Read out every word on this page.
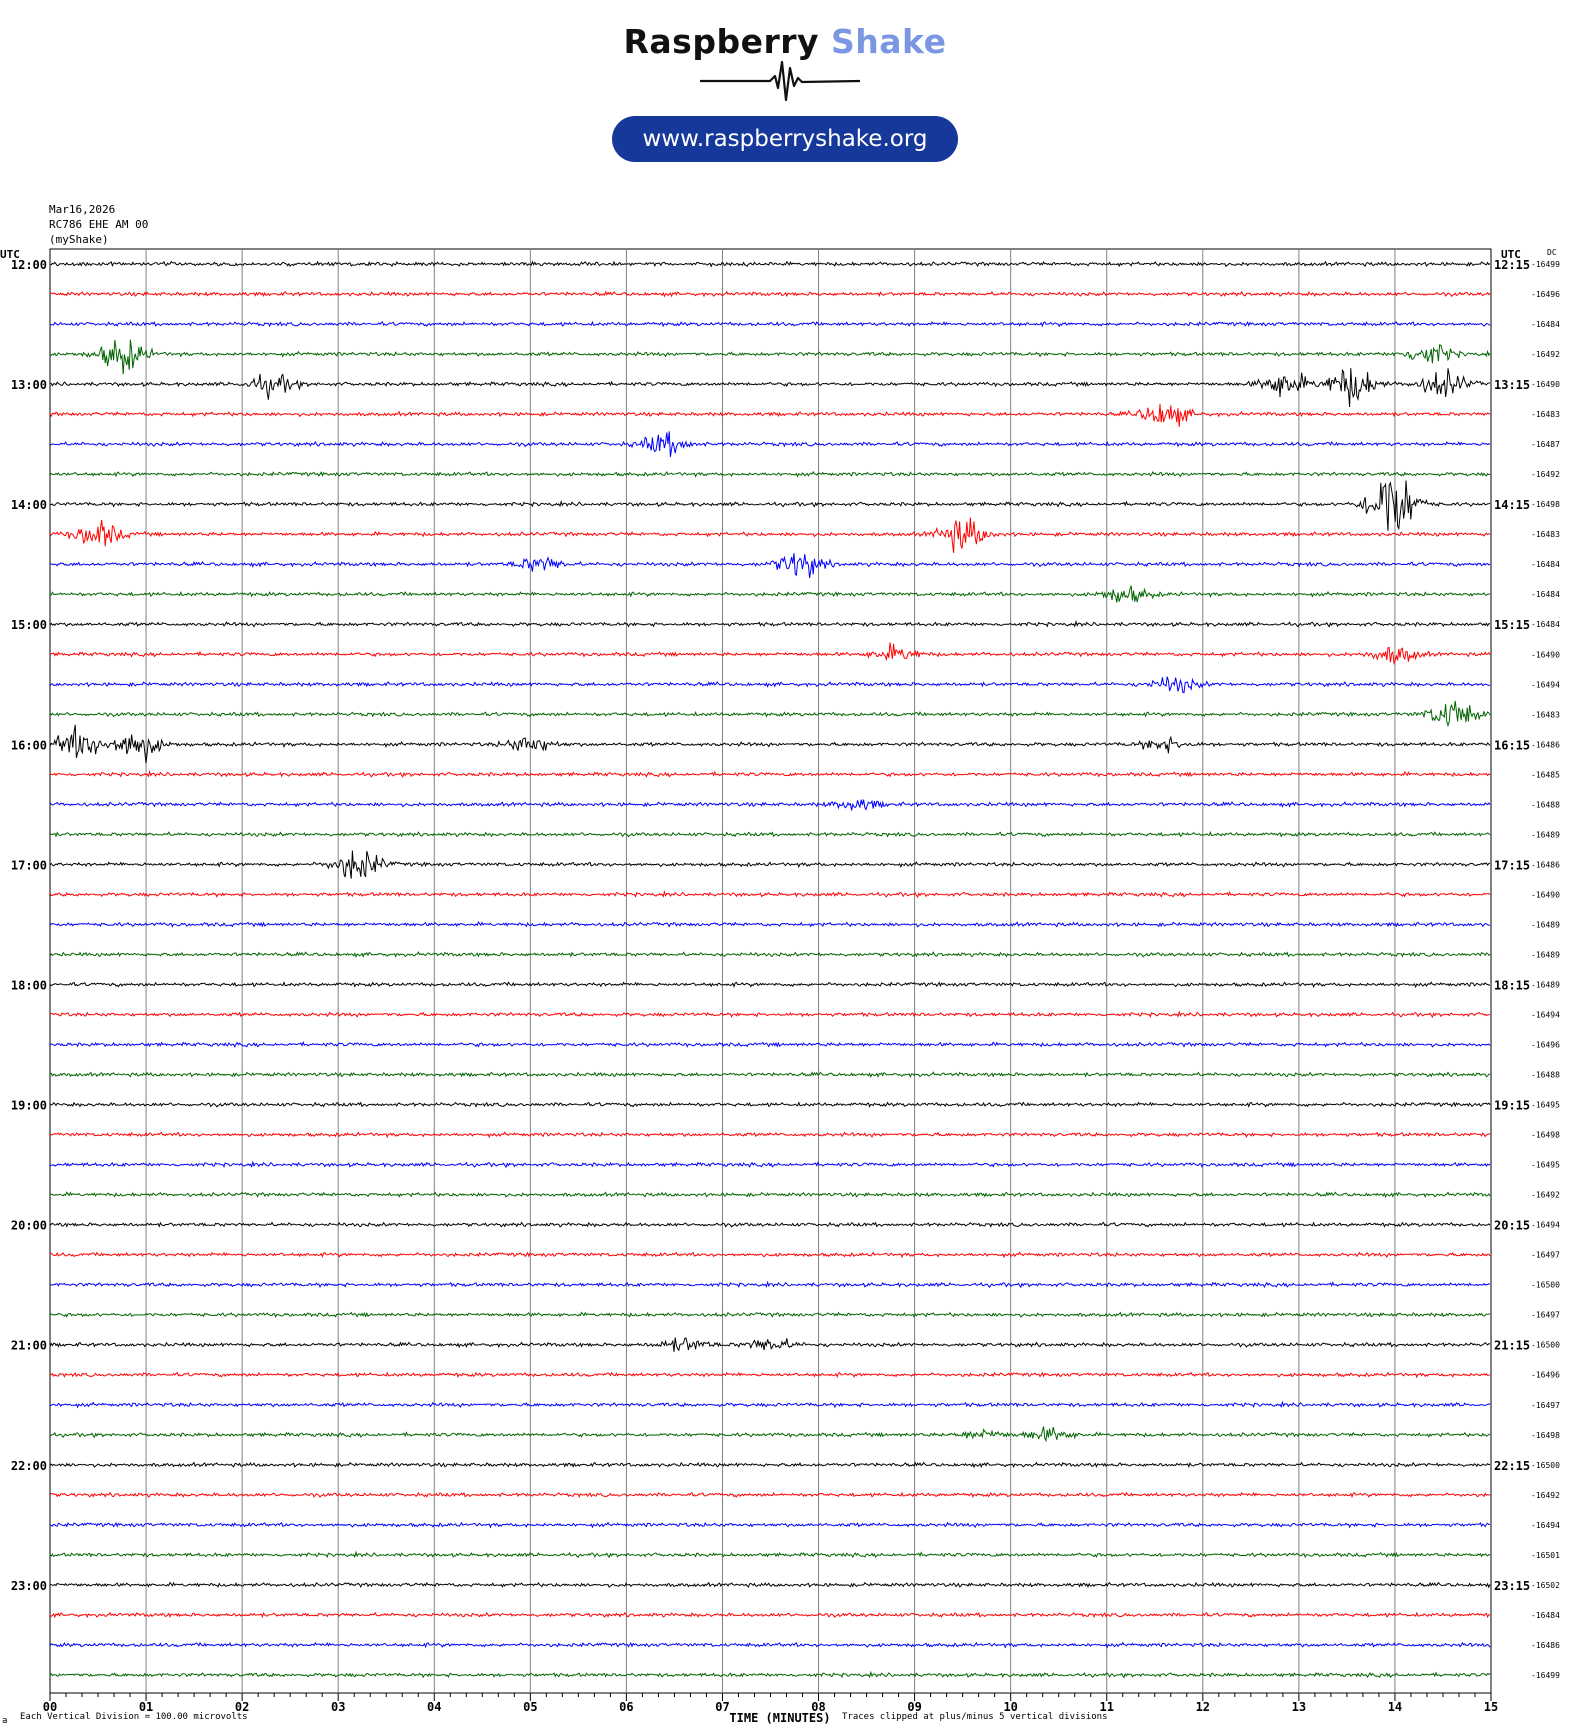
Raspberry Shake
www.raspberryshake.org
Mar16,2026
RC786 EHE AM 00
(myShake)
UTC	UTC	DC
12:00
13:00
14:00
15:00
16:00
17:00
18:00
19:00
20:00
21:00
22:00
23:00
12:15
13:15
14:15
15:15
16:15
17:15
18:15
19:15
20:15
21:15
22:15
23:15
-16499
-16496
-16484
-16492
-16490
-16483
-16487
-16492
-16498
-16483
-16484
-16484
-16484
-16490
-16494
-16483
-16486
-16485
-16488
-16489
-16486
-16490
-16489
-16489
-16489
-16494
-16496
-16488
-16495
-16498
-16495
-16492
-16494
-16497
-16500
-16497
-16500
-16496
-16497
-16498
-16500
-16492
-16494
-16501
-16502
-16484
-16486
-16499
00	01	02	03	04	05	06	07	08	09	10	11	12	13	14	15
TIME (MINUTES)
a Each Vertical Division = 100.00 microvolts	Traces clipped at plus/minus 5 vertical divisions
